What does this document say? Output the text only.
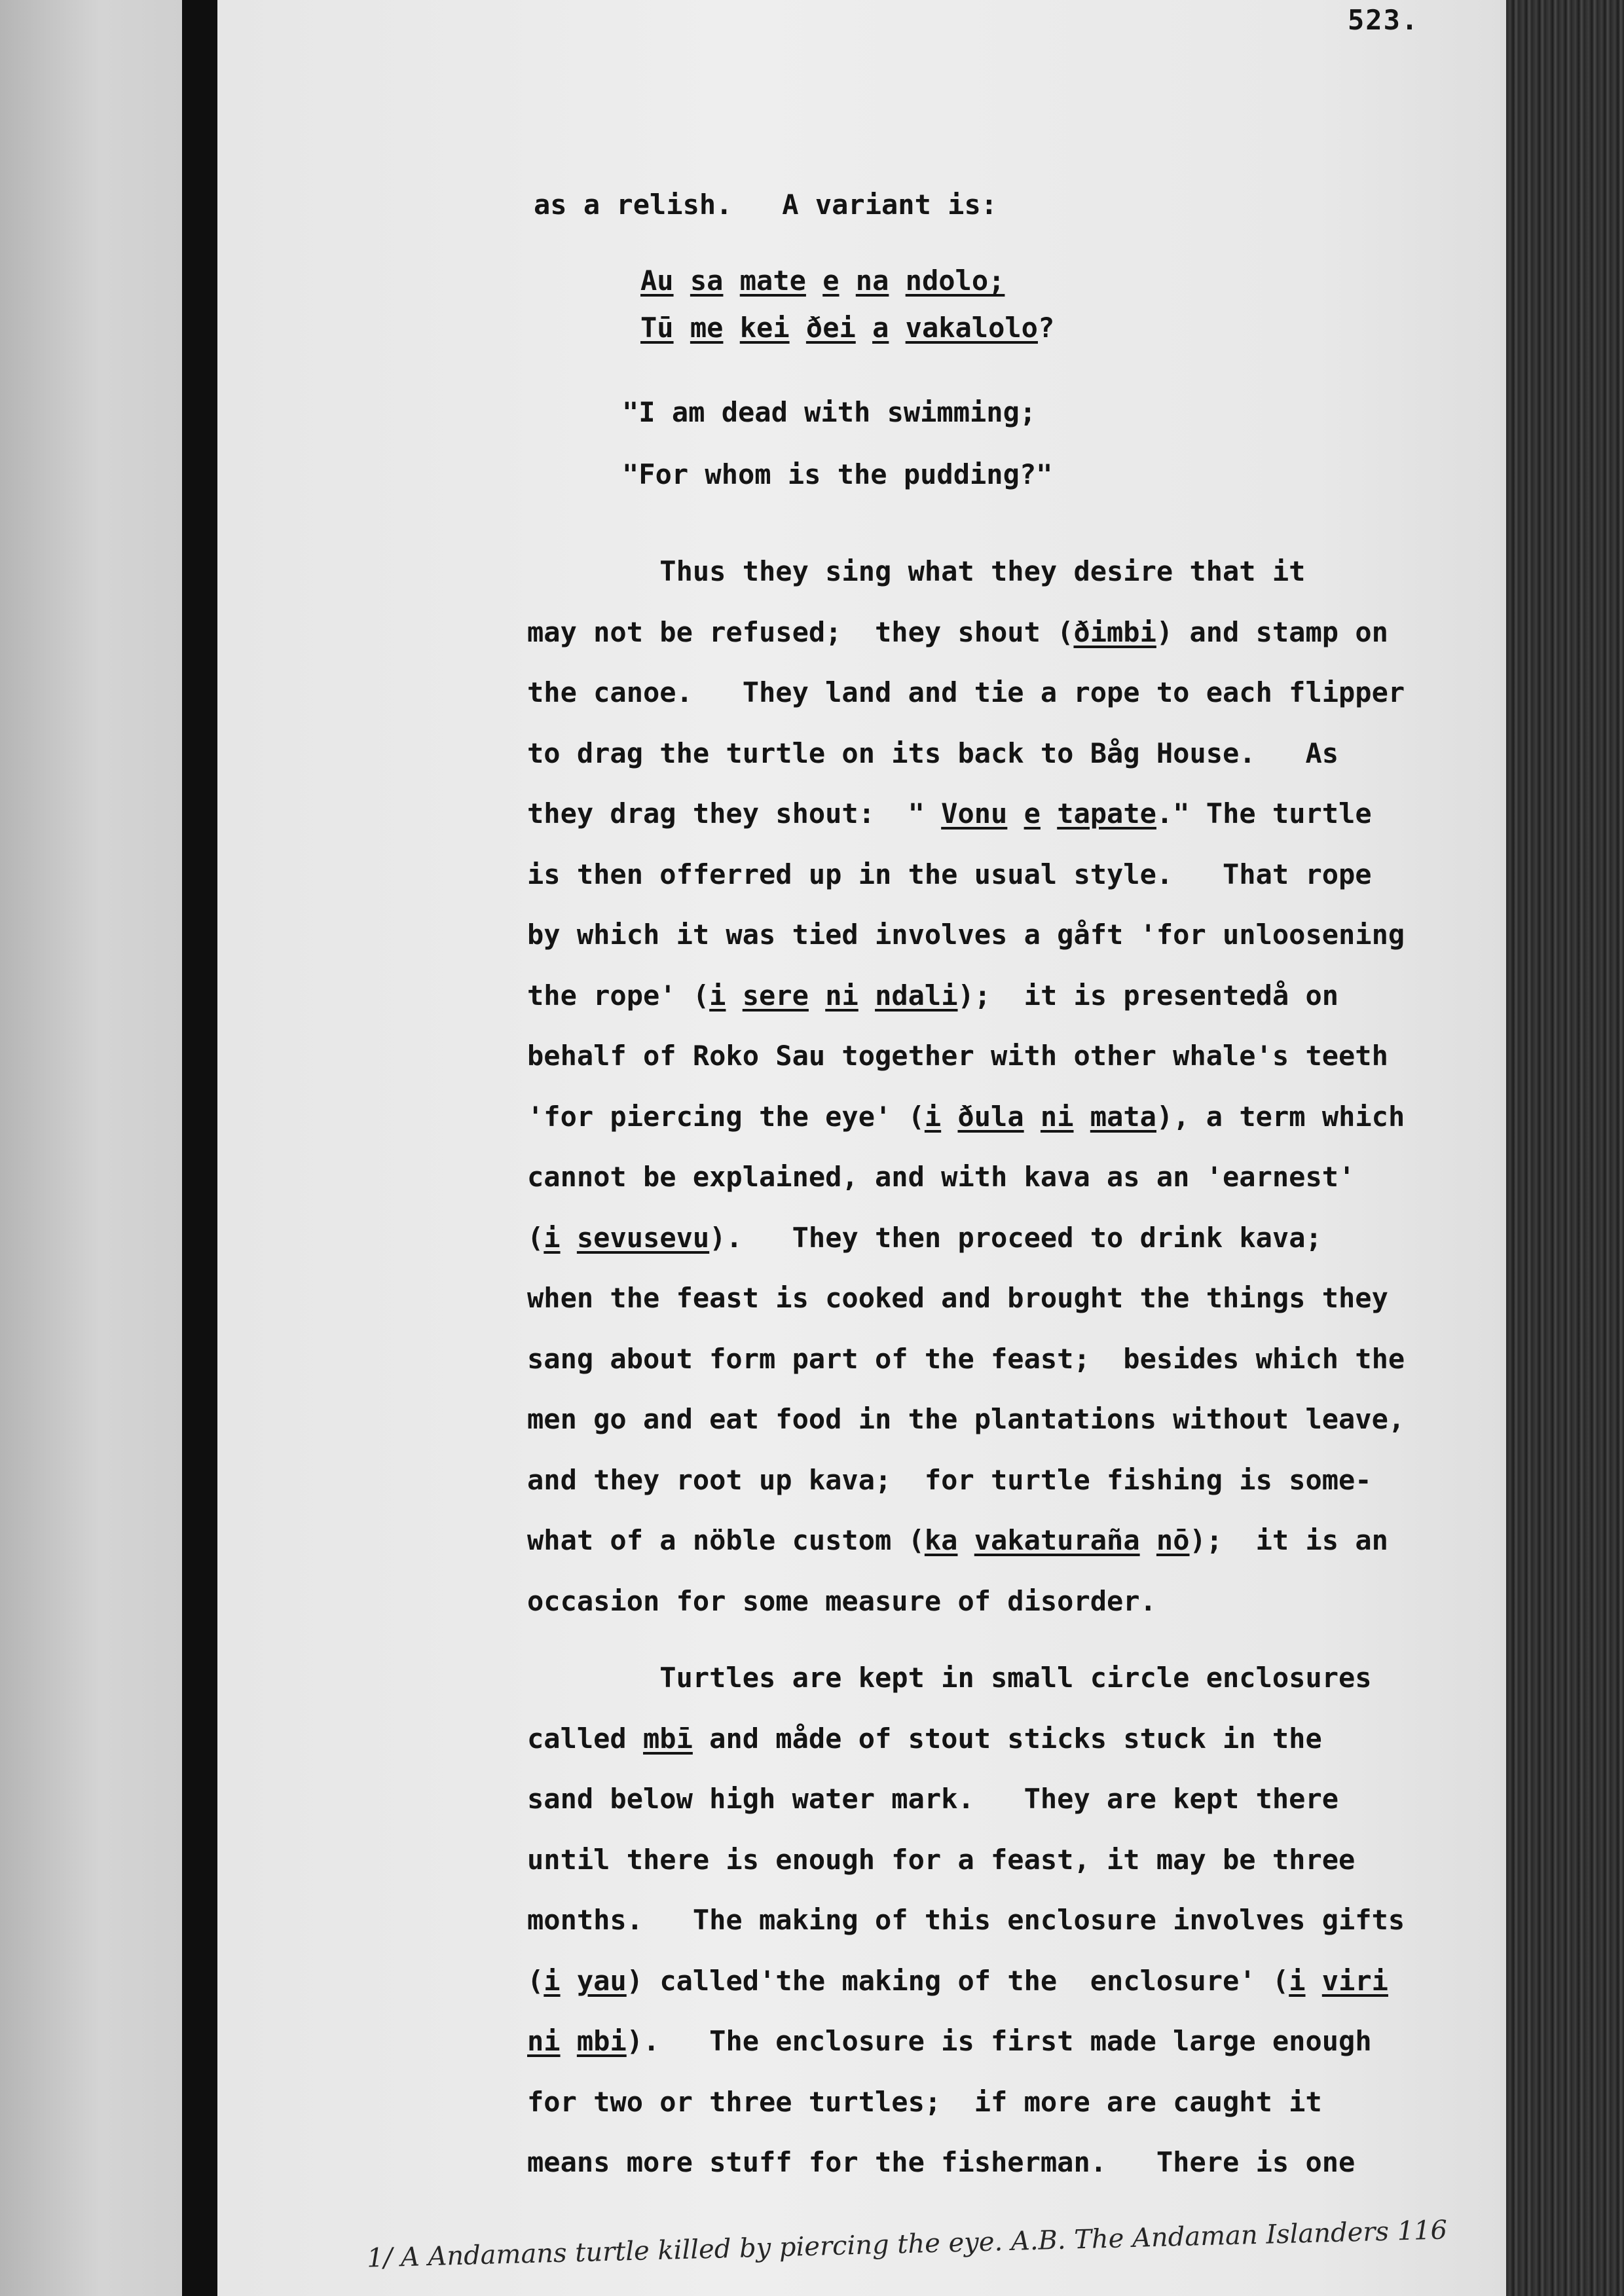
523.
as a relish.   A variant is:
Au sa mate e na ndolo;
Tū me kei ðei a vakalolo?
"I am dead with swimming;
"For whom is the pudding?"
Thus they sing what they desire that it
may not be refused;  they shout (ðimbi) and stamp on
the canoe.   They land and tie a rope to each flipper
to drag the turtle on its back to Båg House.   As
they drag they shout:  " Vonu e tapate." The turtle
is then offerred up in the usual style.   That rope
by which it was tied involves a gåft 'for unloosening
the rope' (i sere ni ndali);  it is presentedå on
behalf of Roko Sau together with other whale's teeth
'for piercing the eye' (i ðula ni mata), a term which
cannot be explained, and with kava as an 'earnest'
(i sevusevu).   They then proceed to drink kava;
when the feast is cooked and brought the things they
sang about form part of the feast;  besides which the
men go and eat food in the plantations without leave,
and they root up kava;  for turtle fishing is some-
what of a nöble custom (ka vakaturaña nō);  it is an
occasion for some measure of disorder.
Turtles are kept in small circle enclosures
called mbī and måde of stout sticks stuck in the
sand below high water mark.   They are kept there
until there is enough for a feast, it may be three
months.   The making of this enclosure involves gifts
(i yau) called'the making of the  enclosure' (i viri
ni mbi).   The enclosure is first made large enough
for two or three turtles;  if more are caught it
means more stuff for the fisherman.   There is one
1/ A Andamans turtle killed by piercing the eye. A.B. The Andaman Islanders 116
